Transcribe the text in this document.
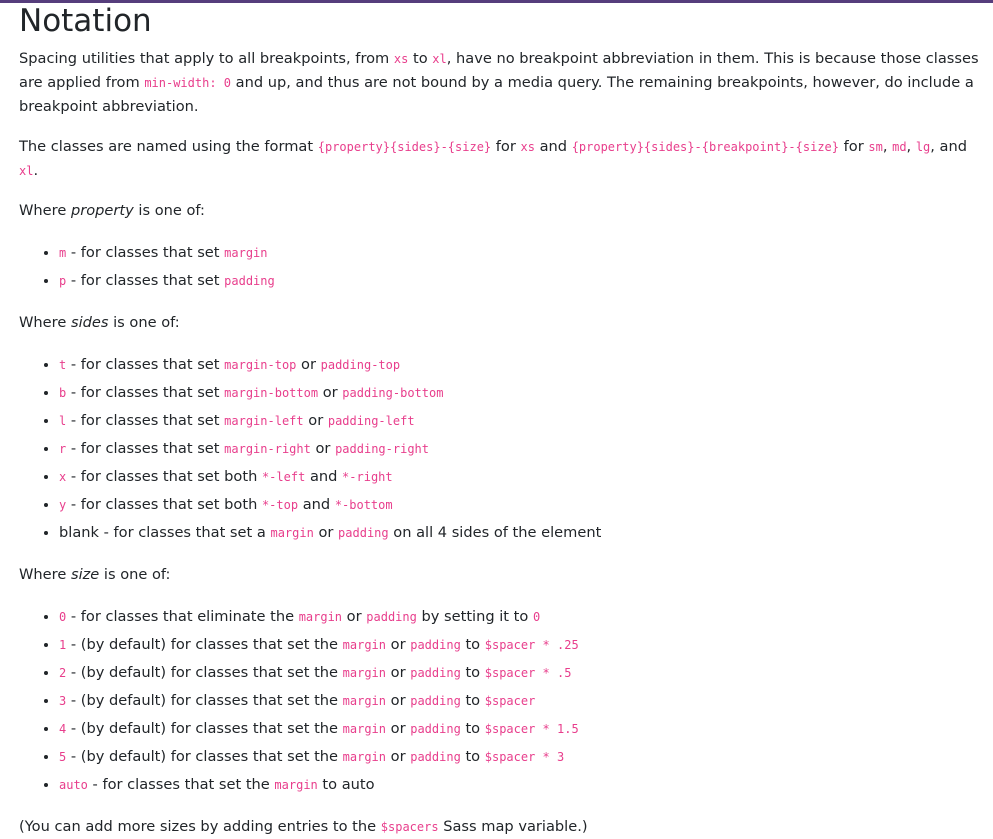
Notation

Spacing utilities that apply to all breakpoints, from xs to xl, have no breakpoint abbreviation in them. This is because those classes are applied from min-width: 0 and up, and thus are not bound by a media query. The remaining breakpoints, however, do include a breakpoint abbreviation.

The classes are named using the format {property}{sides}-{size} for xs and {property}{sides}-{breakpoint}-{size} for sm, md, lg, and xl.

Where property is one of:

• m - for classes that set margin
• p - for classes that set padding

Where sides is one of:

• t - for classes that set margin-top or padding-top
• b - for classes that set margin-bottom or padding-bottom
• l - for classes that set margin-left or padding-left
• r - for classes that set margin-right or padding-right
• x - for classes that set both *-left and *-right
• y - for classes that set both *-top and *-bottom
• blank - for classes that set a margin or padding on all 4 sides of the element

Where size is one of:

• 0 - for classes that eliminate the margin or padding by setting it to 0
• 1 - (by default) for classes that set the margin or padding to $spacer * .25
• 2 - (by default) for classes that set the margin or padding to $spacer * .5
• 3 - (by default) for classes that set the margin or padding to $spacer
• 4 - (by default) for classes that set the margin or padding to $spacer * 1.5
• 5 - (by default) for classes that set the margin or padding to $spacer * 3
• auto - for classes that set the margin to auto

(You can add more sizes by adding entries to the $spacers Sass map variable.)
